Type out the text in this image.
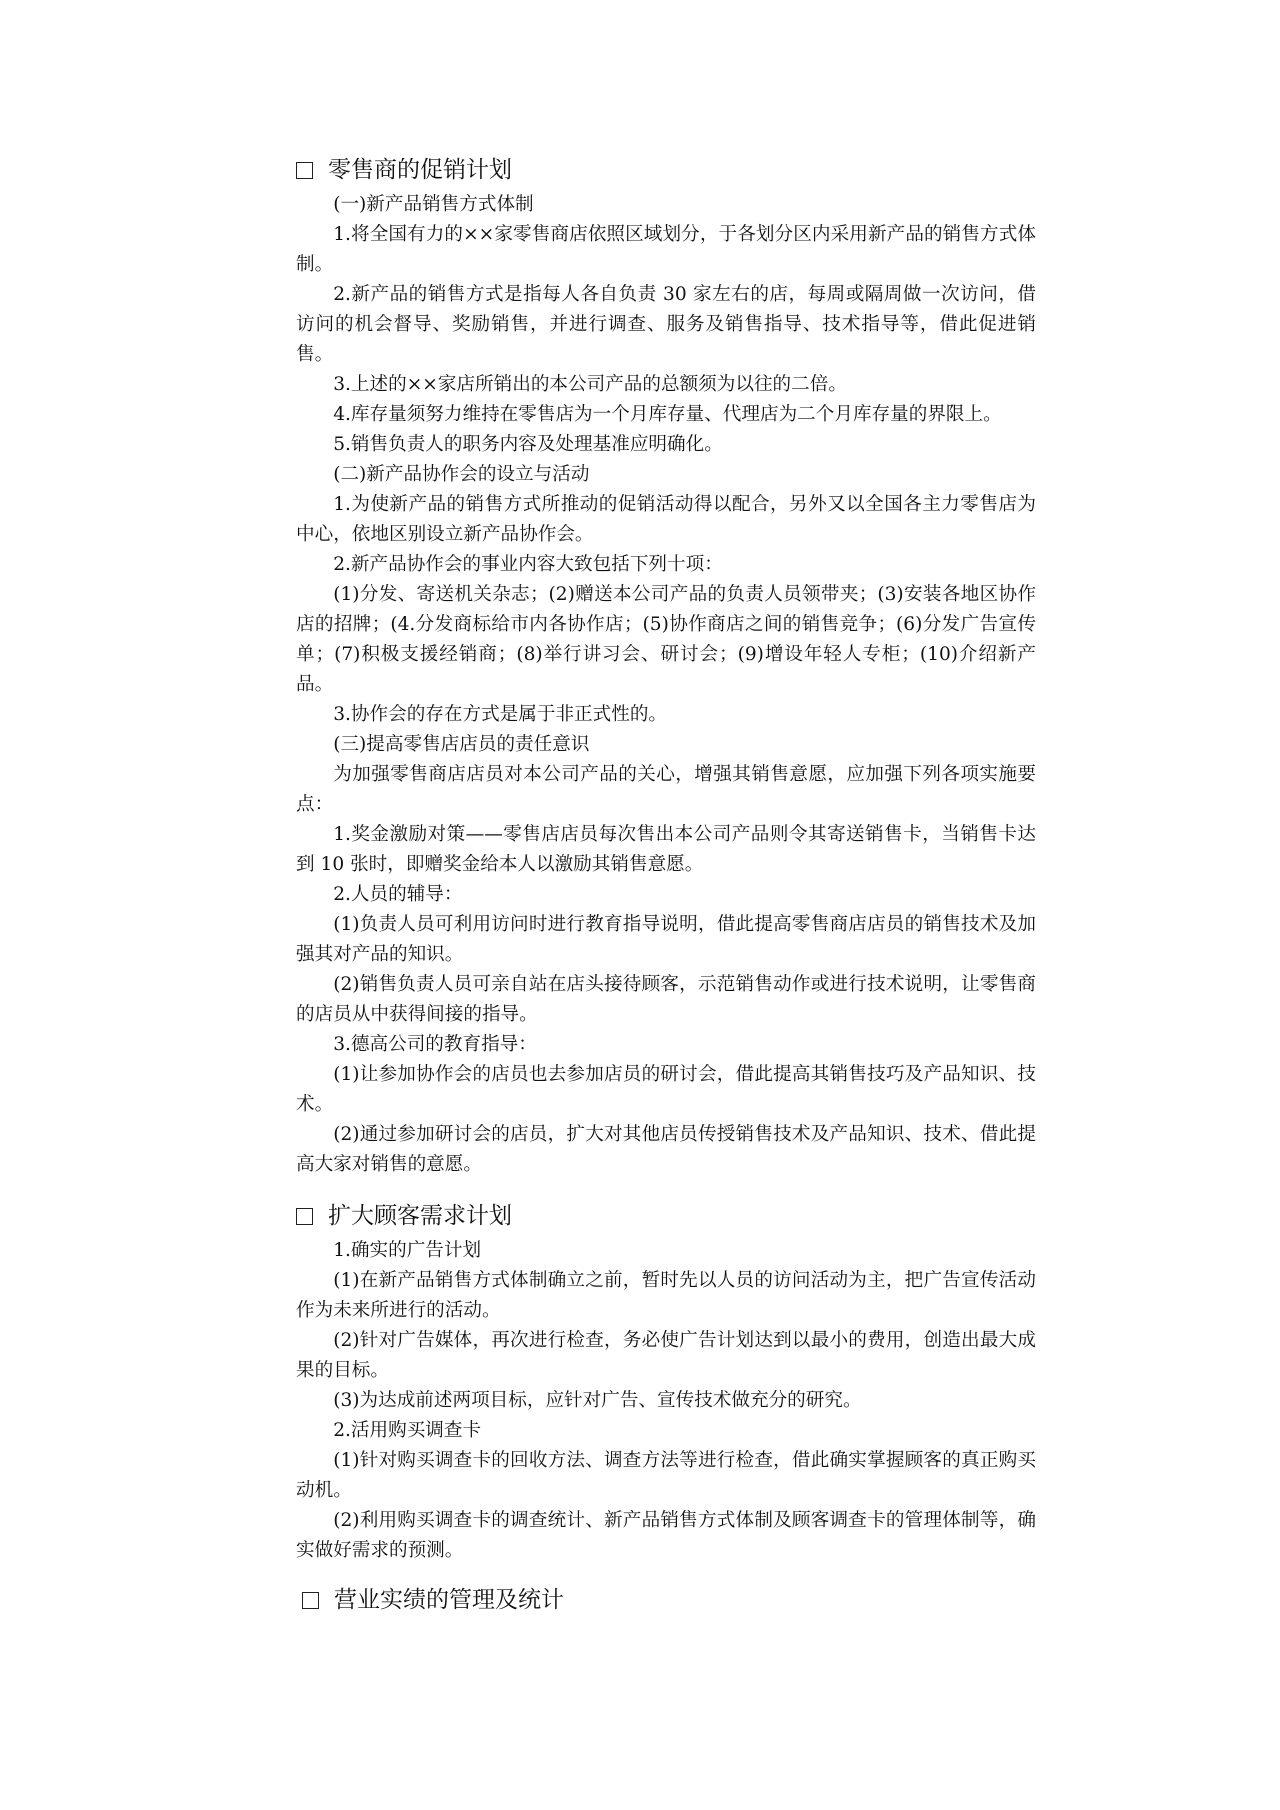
零售商的促销计划

(一)新产品销售方式体制

1.将全国有力的××家零售商店依照区域划分，于各划分区内采用新产品的销售方式体制。

2.新产品的销售方式是指每人各自负责 30 家左右的店，每周或隔周做一次访问，借访问的机会督导、奖励销售，并进行调查、服务及销售指导、技术指导等，借此促进销售。

3.上述的××家店所销出的本公司产品的总额须为以往的二倍。

4.库存量须努力维持在零售店为一个月库存量、代理店为二个月库存量的界限上。

5.销售负责人的职务内容及处理基准应明确化。

(二)新产品协作会的设立与活动

1.为使新产品的销售方式所推动的促销活动得以配合，另外又以全国各主力零售店为中心，依地区别设立新产品协作会。

2.新产品协作会的事业内容大致包括下列十项：

(1)分发、寄送机关杂志；(2)赠送本公司产品的负责人员领带夹；(3)安装各地区协作店的招牌；(4.分发商标给市内各协作店；(5)协作商店之间的销售竞争；(6)分发广告宣传单；(7)积极支援经销商；(8)举行讲习会、研讨会；(9)增设年轻人专柜；(10)介绍新产品。

3.协作会的存在方式是属于非正式性的。

(三)提高零售店店员的责任意识

为加强零售商店店员对本公司产品的关心，增强其销售意愿，应加强下列各项实施要点：

1.奖金激励对策——零售店店员每次售出本公司产品则令其寄送销售卡，当销售卡达到 10 张时，即赠奖金给本人以激励其销售意愿。

2.人员的辅导：

(1)负责人员可利用访问时进行教育指导说明，借此提高零售商店店员的销售技术及加强其对产品的知识。

(2)销售负责人员可亲自站在店头接待顾客，示范销售动作或进行技术说明，让零售商的店员从中获得间接的指导。

3.德高公司的教育指导：

(1)让参加协作会的店员也去参加店员的研讨会，借此提高其销售技巧及产品知识、技术。

(2)通过参加研讨会的店员，扩大对其他店员传授销售技术及产品知识、技术、借此提高大家对销售的意愿。

扩大顾客需求计划

1.确实的广告计划

(1)在新产品销售方式体制确立之前，暂时先以人员的访问活动为主，把广告宣传活动作为未来所进行的活动。

(2)针对广告媒体，再次进行检查，务必使广告计划达到以最小的费用，创造出最大成果的目标。

(3)为达成前述两项目标，应针对广告、宣传技术做充分的研究。

2.活用购买调查卡

(1)针对购买调查卡的回收方法、调查方法等进行检查，借此确实掌握顾客的真正购买动机。

(2)利用购买调查卡的调查统计、新产品销售方式体制及顾客调查卡的管理体制等，确实做好需求的预测。

营业实绩的管理及统计
